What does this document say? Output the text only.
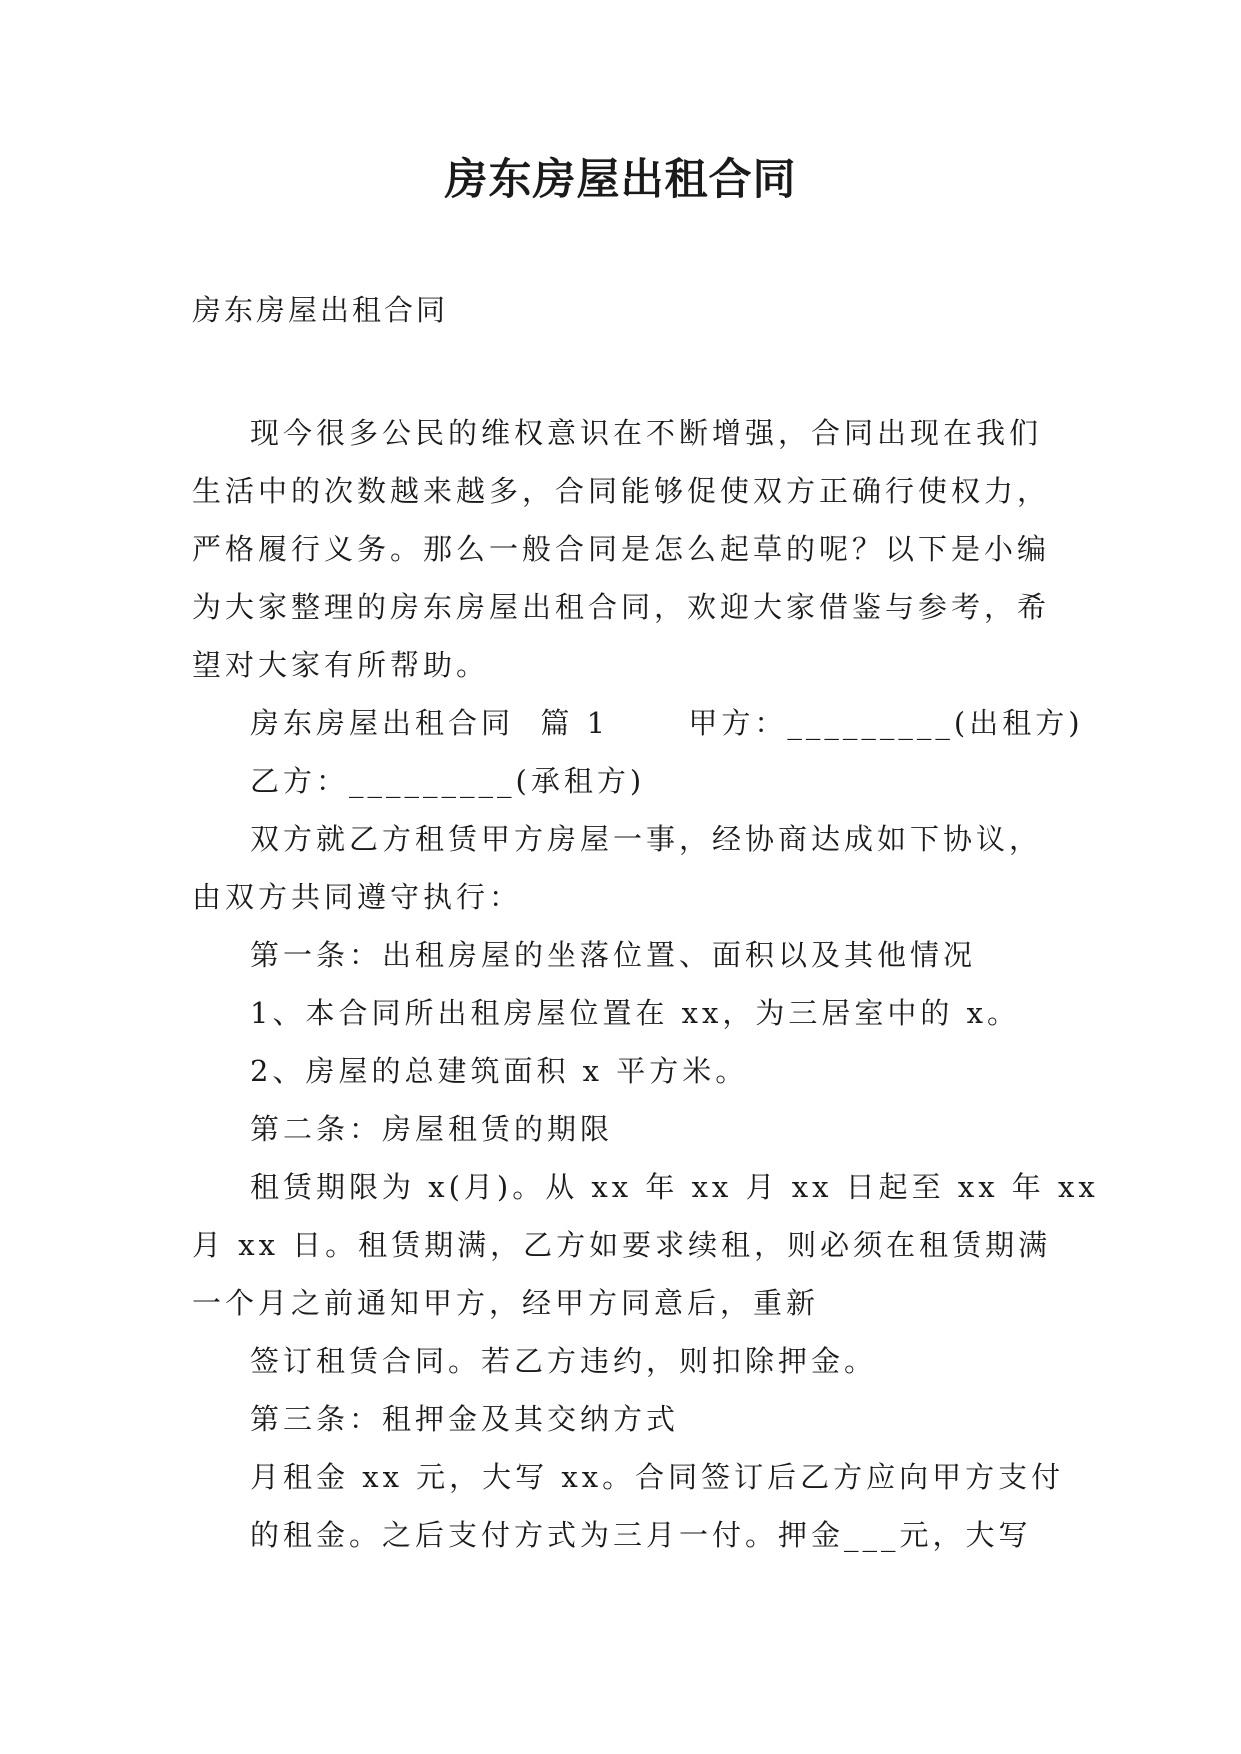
房东房屋出租合同
房东房屋出租合同
现今很多公民的维权意识在不断增强，合同出现在我们
生活中的次数越来越多，合同能够促使双方正确行使权力，
严格履行义务。那么一般合同是怎么起草的呢？以下是小编
为大家整理的房东房屋出租合同，欢迎大家借鉴与参考，希
望对大家有所帮助。
房东房屋出租合同  篇 1      甲方：_________(出租方)
乙方：_________(承租方)
双方就乙方租赁甲方房屋一事，经协商达成如下协议，
由双方共同遵守执行：
第一条：出租房屋的坐落位置、面积以及其他情况
1、本合同所出租房屋位置在 xx，为三居室中的 x。
2、房屋的总建筑面积 x 平方米。
第二条：房屋租赁的期限
租赁期限为 x(月)。从 xx 年 xx 月 xx 日起至 xx 年 xx
月 xx 日。租赁期满，乙方如要求续租，则必须在租赁期满
一个月之前通知甲方，经甲方同意后，重新
签订租赁合同。若乙方违约，则扣除押金。
第三条：租押金及其交纳方式
月租金 xx 元，大写 xx。合同签订后乙方应向甲方支付
的租金。之后支付方式为三月一付。押金___元，大写
